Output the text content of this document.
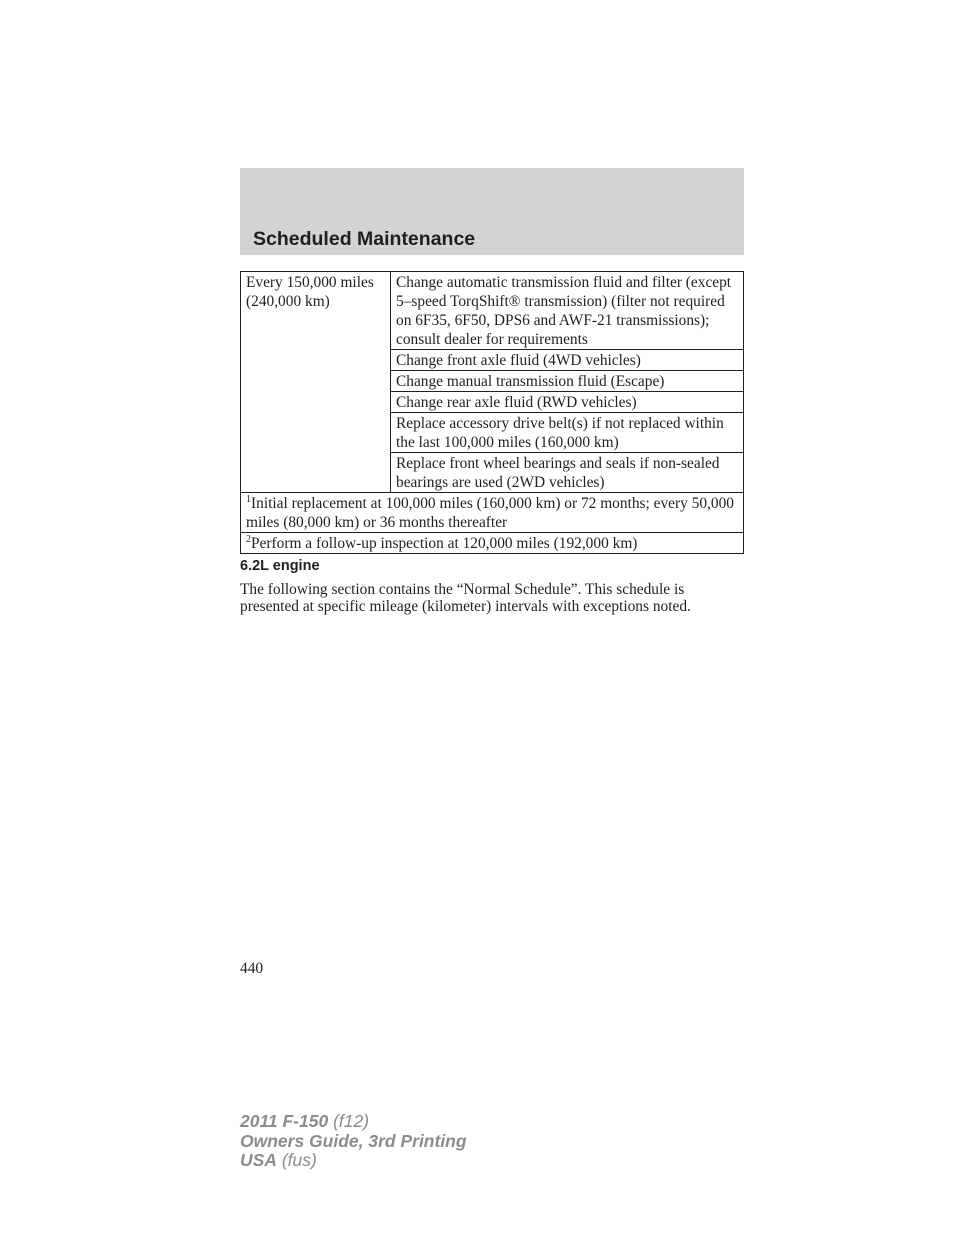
Scheduled Maintenance
Every 150,000 miles
(240,000 km)
	Change automatic transmission fluid and filter (except 5–speed TorqShift® transmission) (filter not required on 6F35, 6F50, DPS6 and AWF-21 transmissions); consult dealer for requirements
Change front axle fluid (4WD vehicles)
Change manual transmission fluid (Escape)
Change rear axle fluid (RWD vehicles)
Replace accessory drive belt(s) if not replaced within the last 100,000 miles (160,000 km)
Replace front wheel bearings and seals if non-sealed bearings are used (2WD vehicles)
$^1$Initial replacement at 100,000 miles (160,000 km) or 72 months; every 50,000 miles (80,000 km) or 36 months thereafter
$^2$Perform a follow-up inspection at 120,000 miles (192,000 km)
6.2L engine

The following section contains the “Normal Schedule”. This schedule is presented at specific mileage (kilometer) intervals with exceptions noted.

440
2011 F-150 (f12)
Owners Guide, 3rd Printing
USA (fus)
